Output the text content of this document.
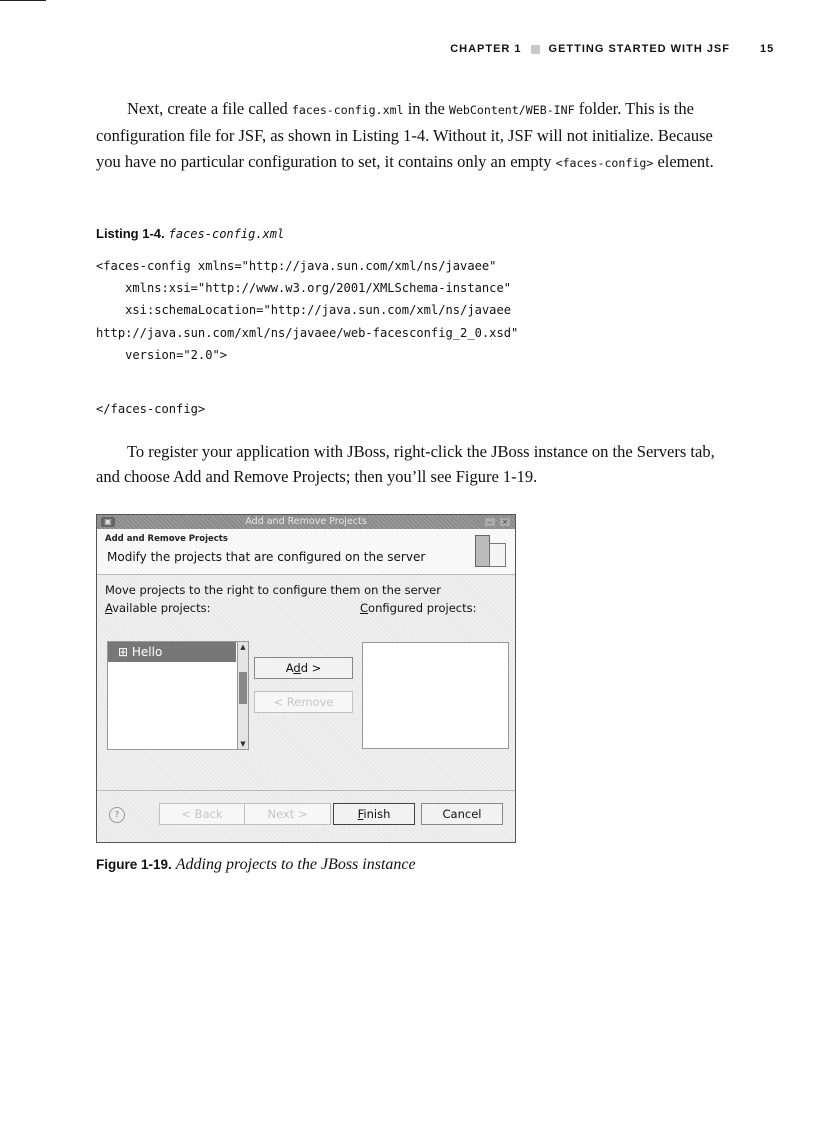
CHAPTER 1 GETTING STARTED WITH JSF	15

Next, create a file called faces-config.xml in the WebContent/WEB-INF folder. This is the configuration file for JSF, as shown in Listing 1-4. Without it, JSF will not initialize. Because you have no particular configuration to set, it contains only an empty <faces-config> element.

Listing 1-4. faces-config.xml
<faces-config xmlns="http://java.sun.com/xml/ns/javaee"
xmlns:xsi="http://www.w3.org/2001/XMLSchema-instance"
xsi:schemaLocation="http://java.sun.com/xml/ns/javaee
http://java.sun.com/xml/ns/javaee/web-facesconfig_2_0.xsd"
version="2.0">
</faces-config>

To register your application with JBoss, right-click the JBoss instance on the Servers tab, and choose Add and Remove Projects; then you’ll see Figure 1-19.

▣	Add and Remove Projects	–	×
Add and Remove Projects
Modify the projects that are configured on the server
Move projects to the right to configure them on the server
Available projects:	Configured projects:
⊞ Hello	▲
▼
Add >
< Remove
?	< Back	Next >	Finish	Cancel
Figure 1-19. Adding projects to the JBoss instance
